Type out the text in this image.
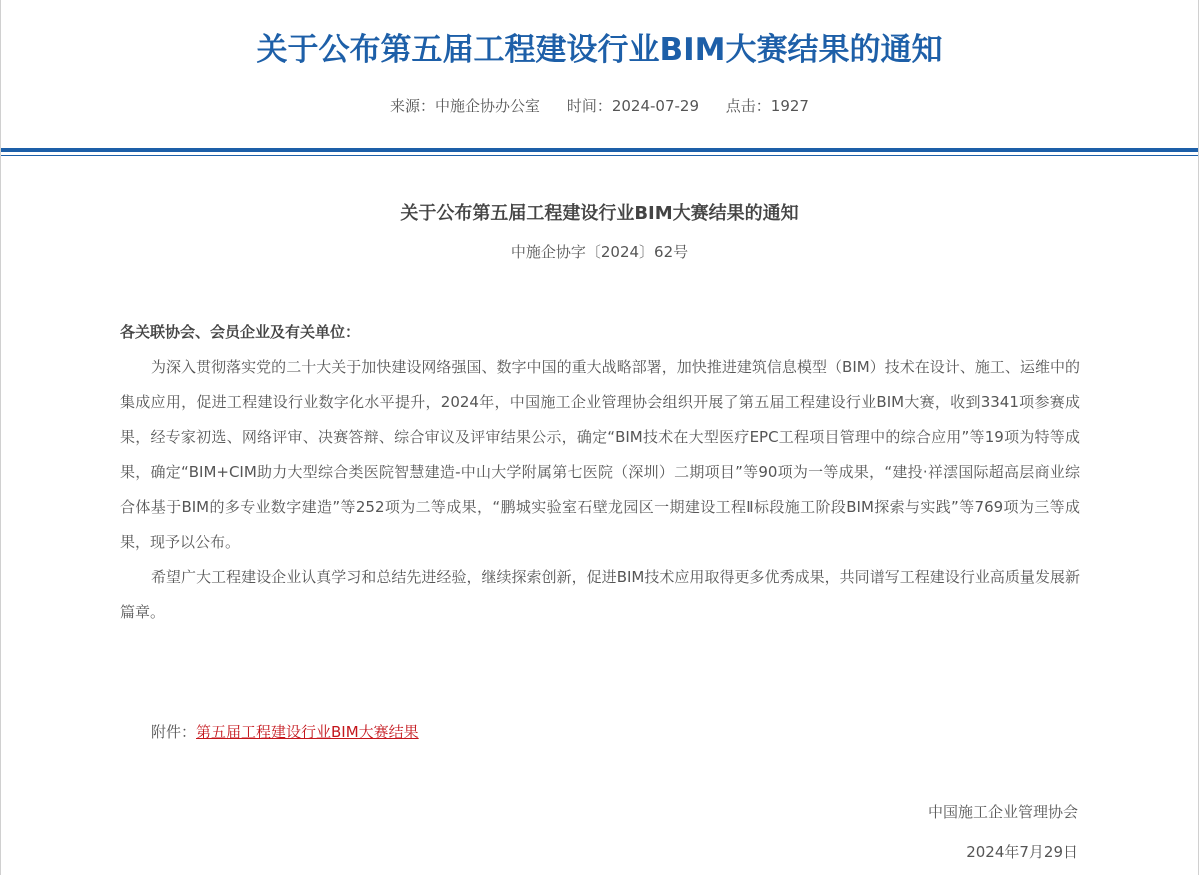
关于公布第五届工程建设行业BIM大赛结果的通知
来源：中施企协办公室 时间：2024-07-29 点击：1927
关于公布第五届工程建设行业BIM大赛结果的通知
中施企协字〔2024〕62号

各关联协会、会员企业及有关单位：

为深入贯彻落实党的二十大关于加快建设网络强国、数字中国的重大战略部署，加快推进建筑信息模型（BIM）技术在设计、施工、运维中的集成应用，促进工程建设行业数字化水平提升，2024年，中国施工企业管理协会组织开展了第五届工程建设行业BIM大赛，收到3341项参赛成果，经专家初选、网络评审、决赛答辩、综合审议及评审结果公示，确定“BIM技术在大型医疗EPC工程项目管理中的综合应用”等19项为特等成果，确定“BIM+CIM助力大型综合类医院智慧建造-中山大学附属第七医院（深圳）二期项目”等90项为一等成果，“建投·祥澐国际超高层商业综合体基于BIM的多专业数字建造”等252项为二等成果，“鹏城实验室石壁龙园区一期建设工程Ⅱ标段施工阶段BIM探索与实践”等769项为三等成果，现予以公布。

希望广大工程建设企业认真学习和总结先进经验，继续探索创新，促进BIM技术应用取得更多优秀成果，共同谱写工程建设行业高质量发展新篇章。

附件：第五届工程建设行业BIM大赛结果
中国施工企业管理协会
2024年7月29日
